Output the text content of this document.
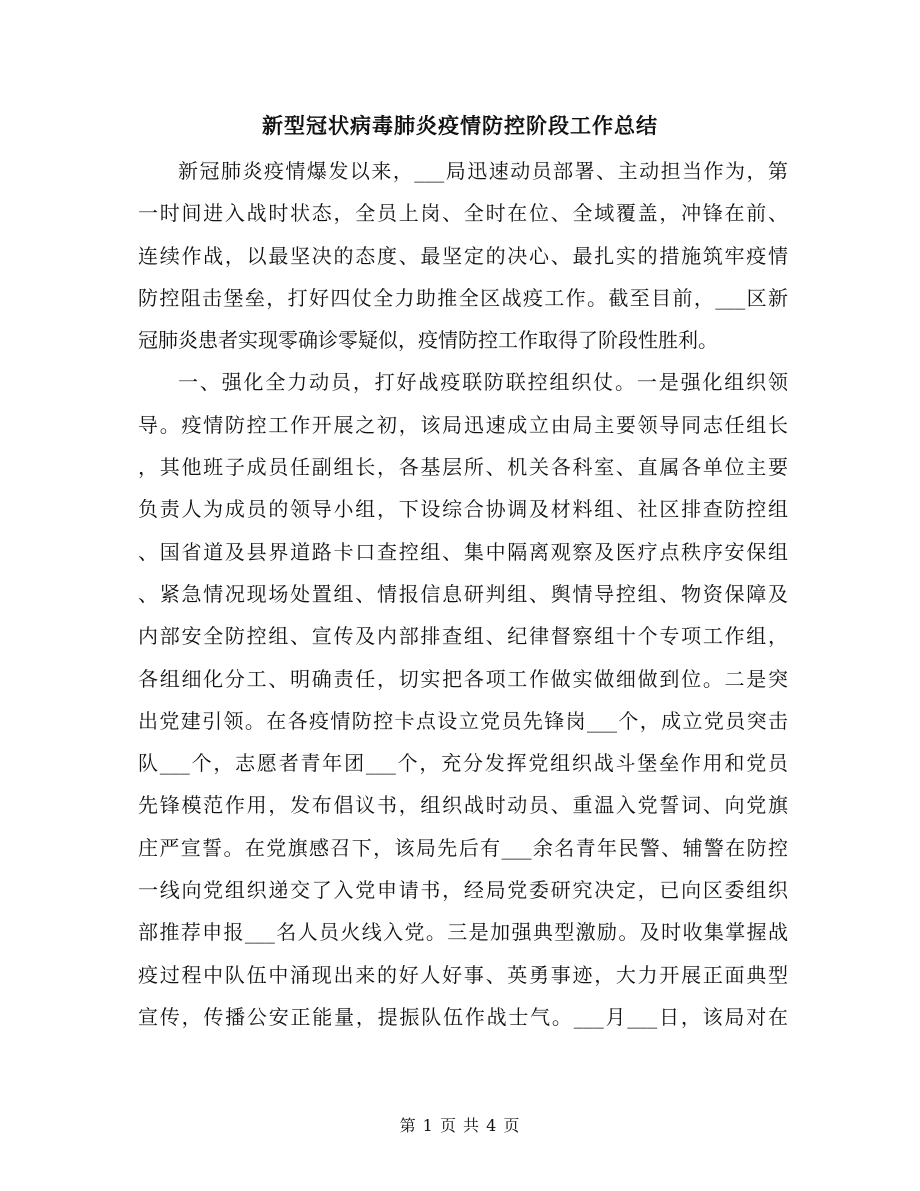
新型冠状病毒肺炎疫情防控阶段工作总结
新冠肺炎疫情爆发以来，___局迅速动员部署、主动担当作为，第
一时间进入战时状态，全员上岗、全时在位、全域覆盖，冲锋在前、
连续作战，以最坚决的态度、最坚定的决心、最扎实的措施筑牢疫情
防控阻击堡垒，打好四仗全力助推全区战疫工作。截至目前，___区新
冠肺炎患者实现零确诊零疑似，疫情防控工作取得了阶段性胜利。
一、强化全力动员，打好战疫联防联控组织仗。一是强化组织领
导。疫情防控工作开展之初，该局迅速成立由局主要领导同志任组长
，其他班子成员任副组长，各基层所、机关各科室、直属各单位主要
负责人为成员的领导小组，下设综合协调及材料组、社区排查防控组
、国省道及县界道路卡口查控组、集中隔离观察及医疗点秩序安保组
、紧急情况现场处置组、情报信息研判组、舆情导控组、物资保障及
内部安全防控组、宣传及内部排查组、纪律督察组十个专项工作组，
各组细化分工、明确责任，切实把各项工作做实做细做到位。二是突
出党建引领。在各疫情防控卡点设立党员先锋岗___个，成立党员突击
队___个，志愿者青年团___个，充分发挥党组织战斗堡垒作用和党员
先锋模范作用，发布倡议书，组织战时动员、重温入党誓词、向党旗
庄严宣誓。在党旗感召下，该局先后有___余名青年民警、辅警在防控
一线向党组织递交了入党申请书，经局党委研究决定，已向区委组织
部推荐申报___名人员火线入党。三是加强典型激励。及时收集掌握战
疫过程中队伍中涌现出来的好人好事、英勇事迹，大力开展正面典型
宣传，传播公安正能量，提振队伍作战士气。___月___日，该局对在
第 1 页 共 4 页
